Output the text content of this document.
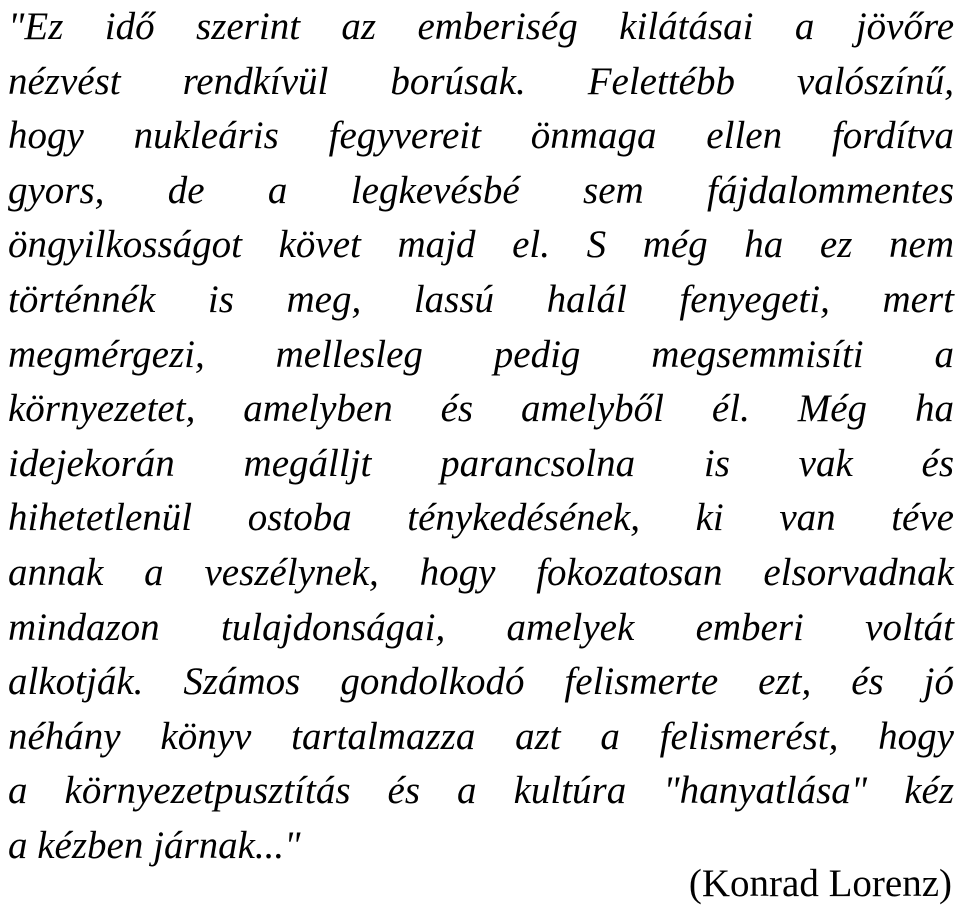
"Ez idő szerint az emberiség kilátásai a jövőre
nézvést rendkívül borúsak. Felettébb valószínű,
hogy nukleáris fegyvereit önmaga ellen fordítva
gyors, de a legkevésbé sem fájdalommentes
öngyilkosságot követ majd el. S még ha ez nem
történnék is meg, lassú halál fenyegeti, mert
megmérgezi, mellesleg pedig megsemmisíti a
környezetet, amelyben és amelyből él. Még ha
idejekorán megálljt parancsolna is vak és
hihetetlenül ostoba ténykedésének, ki van téve
annak a veszélynek, hogy fokozatosan elsorvadnak
mindazon tulajdonságai, amelyek emberi voltát
alkotják. Számos gondolkodó felismerte ezt, és jó
néhány könyv tartalmazza azt a felismerést, hogy
a környezetpusztítás és a kultúra "hanyatlása" kéz
a kézben járnak..."
(Konrad Lorenz)
